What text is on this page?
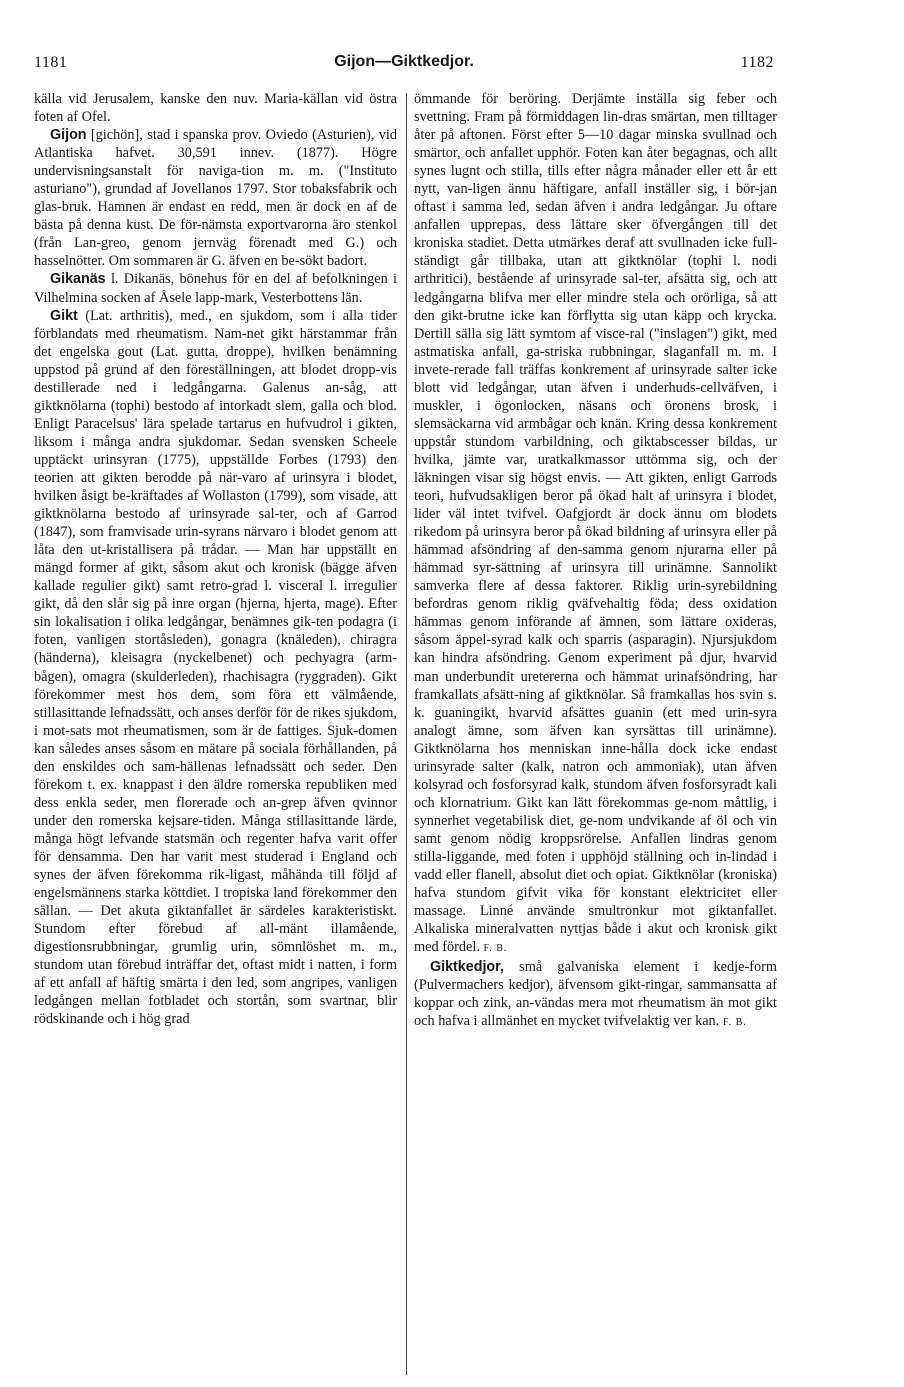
1181	Gijon—Giktkedjor.	1182

källa vid Jerusalem, kanske den nuv. Maria-källan vid östra foten af Ofel.

Gijon [gichön], stad i spanska prov. Oviedo (Asturien), vid Atlantiska hafvet. 30,591 innev. (1877). Högre undervisningsanstalt för naviga-tion m. m. ("Instituto asturiano"), grundad af Jovellanos 1797. Stor tobaksfabrik och glas-bruk. Hamnen är endast en redd, men är dock en af de bästa på denna kust. De för-nämsta exportvarorna äro stenkol (från Lan-greo, genom jernväg förenadt med G.) och hasselnötter. Om sommaren är G. äfven en be-sökt badort.

Gikanäs l. Dikanäs, bönehus för en del af befolkningen i Vilhelmina socken af Åsele lapp-mark, Vesterbottens län.

Gikt (Lat. arthritis), med., en sjukdom, som i alla tider förblandats med rheumatism. Nam-net gikt härstammar från det engelska gout (Lat. gutta, droppe), hvilken benämning uppstod på grund af den föreställningen, att blodet dropp-vis destillerade ned i ledgångarna. Galenus an-såg, att giktknölarna (tophi) bestodo af intorkadt slem, galla och blod. Enligt Paracelsus' lära spelade tartarus en hufvudrol i gikten, liksom i många andra sjukdomar. Sedan svensken Scheele upptäckt urinsyran (1775), uppställde Forbes (1793) den teorien att gikten berodde på när-varo af urinsyra i blodet, hvilken åsigt be-kräftades af Wollaston (1799), som visade, att giktknölarna bestodo af urinsyrade sal-ter, och af Garrod (1847), som framvisade urin-syrans närvaro i blodet genom att låta den ut-kristallisera på trådar. — Man har uppställt en mängd former af gikt, såsom akut och kronisk (bägge äfven kallade regulier gikt) samt retro-grad l. visceral l. irregulier gikt, då den slår sig på inre organ (hjerna, hjerta, mage). Efter sin lokalisation i olika ledgångar, benämnes gik-ten podagra (i foten, vanligen stortåsleden), gonagra (knäleden), chiragra (händerna), kleisagra (nyckelbenet) och pechyagra (arm-bågen), omagra (skulderleden), rhachisagra (ryggraden). Gikt förekommer mest hos dem, som föra ett välmående, stillasittande lefnadssätt, och anses derför för de rikes sjukdom, i mot-sats mot rheumatismen, som är de fattiges. Sjuk-domen kan således anses såsom en mätare på sociala förhållanden, på den enskildes och sam-hällenas lefnadssätt och seder. Den förekom t. ex. knappast i den äldre romerska republiken med dess enkla seder, men florerade och an-grep äfven qvinnor under den romerska kejsare-tiden. Många stillasittande lärde, många högt lefvande statsmän och regenter hafva varit offer för densamma. Den har varit mest studerad i England och synes der äfven förekomma rik-ligast, måhända till följd af engelsmännens starka köttdiet. I tropiska land förekommer den sällan. — Det akuta giktanfallet är särdeles karakteristiskt. Stundom efter förebud af all-mänt illamående, digestionsrubbningar, grumlig urin, sömnlöshet m. m., stundom utan förebud inträffar det, oftast midt i natten, i form af ett anfall af häftig smärta i den led, som angripes, vanligen ledgången mellan fotbladet och stortån, som svartnar, blir rödskinande och i hög grad

ömmande för beröring. Derjämte inställa sig feber och svettning. Fram på förmiddagen lin-dras smärtan, men tilltager åter på aftonen. Först efter 5—10 dagar minska svullnad och smärtor, och anfallet upphör. Foten kan åter begagnas, och allt synes lugnt och stilla, tills efter några månader eller ett år ett nytt, van-ligen ännu häftigare, anfall inställer sig, i bör-jan oftast i samma led, sedan äfven i andra ledgångar. Ju oftare anfallen upprepas, dess lättare sker öfvergången till det kroniska stadiet. Detta utmärkes deraf att svullnaden icke full-ständigt går tillbaka, utan att giktknölar (tophi l. nodi arthritici), bestående af urinsyrade sal-ter, afsätta sig, och att ledgångarna blifva mer eller mindre stela och orörliga, så att den gikt-brutne icke kan förflytta sig utan käpp och krycka. Dertill sälla sig lätt symtom af visce-ral ("inslagen") gikt, med astmatiska anfall, ga-striska rubbningar, slaganfall m. m. I invete-rerade fall träffas konkrement af urinsyrade salter icke blott vid ledgångar, utan äfven i underhuds-cellväfven, i muskler, i ögonlocken, näsans och öronens brosk, i slemsäckarna vid armbågar och knän. Kring dessa konkrement uppstår stundom varbildning, och giktabscesser bildas, ur hvilka, jämte var, uratkalkmassor uttömma sig, och der läkningen visar sig högst envis. — Att gikten, enligt Garrods teori, hufvudsakligen beror på ökad halt af urinsyra i blodet, lider väl intet tvifvel. Oafgjordt är dock ännu om blodets rikedom på urinsyra beror på ökad bildning af urinsyra eller på hämmad afsöndring af den-samma genom njurarna eller på hämmad syr-sättning af urinsyra till urinämne. Sannolikt samverka flere af dessa faktorer. Riklig urin-syrebildning befordras genom riklig qväfvehaltig föda; dess oxidation hämmas genom införande af ämnen, som lättare oxideras, såsom äppel-syrad kalk och sparris (asparagin). Njursjukdom kan hindra afsöndring. Genom experiment på djur, hvarvid man underbundit uretererna och hämmat urinafsöndring, har framkallats afsätt-ning af giktknölar. Så framkallas hos svin s. k. guaningikt, hvarvid afsättes guanin (ett med urin-syra analogt ämne, som äfven kan syrsättas till urinämne). Giktknölarna hos menniskan inne-hålla dock icke endast urinsyrade salter (kalk, natron och ammoniak), utan äfven kolsyrad och fosforsyrad kalk, stundom äfven fosforsyradt kali och klornatrium. Gikt kan lätt förekommas ge-nom måttlig, i synnerhet vegetabilisk diet, ge-nom undvikande af öl och vin samt genom nödig kroppsrörelse. Anfallen lindras genom stilla-liggande, med foten i upphöjd ställning och in-lindad i vadd eller flanell, absolut diet och opiat. Giktknölar (kroniska) hafva stundom gifvit vika för konstant elektricitet eller massage. Linné använde smultronkur mot giktanfallet. Alkaliska mineralvatten nyttjas både i akut och kronisk gikt med fördel. F. B.

Giktkedjor, små galvaniska element i kedje-form (Pulvermachers kedjor), äfvensom gikt-ringar, sammansatta af koppar och zink, an-vändas mera mot rheumatism än mot gikt och hafva i allmänhet en mycket tvifvelaktig ver kan. F. B.
